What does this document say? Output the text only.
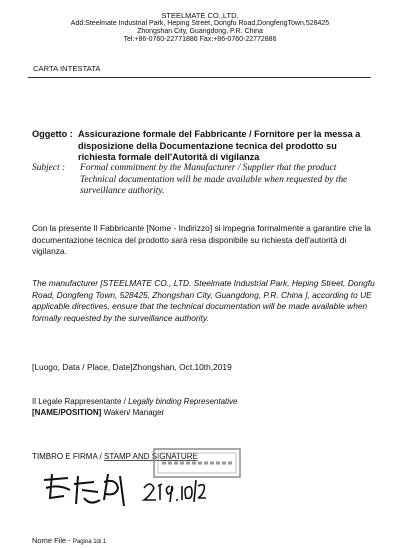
STEELMATE CO.,LTD.
Add:Steelmate Industrial Park, Heping Street, Dongfu Road,DongfengTown,528425
Zhongshan City, Guangdong, P.R. China
Tel:+86-0760-22771886 Fax:+86-0760-22772886
CARTA INTESTATA
Oggetto : Assicurazione formale del Fabbricante / Fornitore per la messa a disposizione della Documentazione tecnica del prodotto su richiesta formale dell'Autorità di vigilanza
Subject : Formal commitment by the Manufacturer / Supplier that the product Technical documentation will be made available when requested by the surveillance authority.
Con la presente Il Fabbricante [Nome - Indirizzo] si impegna formalmente a garantire che la documentazione tecnica del prodotto sarà resa disponibile su richiesta dell'autorità di vigilanza.
The manufacturer [STEELMATE CO., LTD. Steelmate Industrial Park, Heping Street, Dongfu Road, Dongfeng Town, 528425, Zhongshan City, Guangdong, P.R. China ], according to UE applicable directives, ensure that the technical documentation will be made available when formally requested by the surveillance authority.
[Luogo, Data / Place, Date]Zhongshan, Oct.10th,2019
Il Legale Rappresentante / Legally binding Representative
[NAME/POSITION] Waken/ Manager
TIMBRO E FIRMA / STAMP AND SIGNATURE
Nome File - Pagina 1di 1
